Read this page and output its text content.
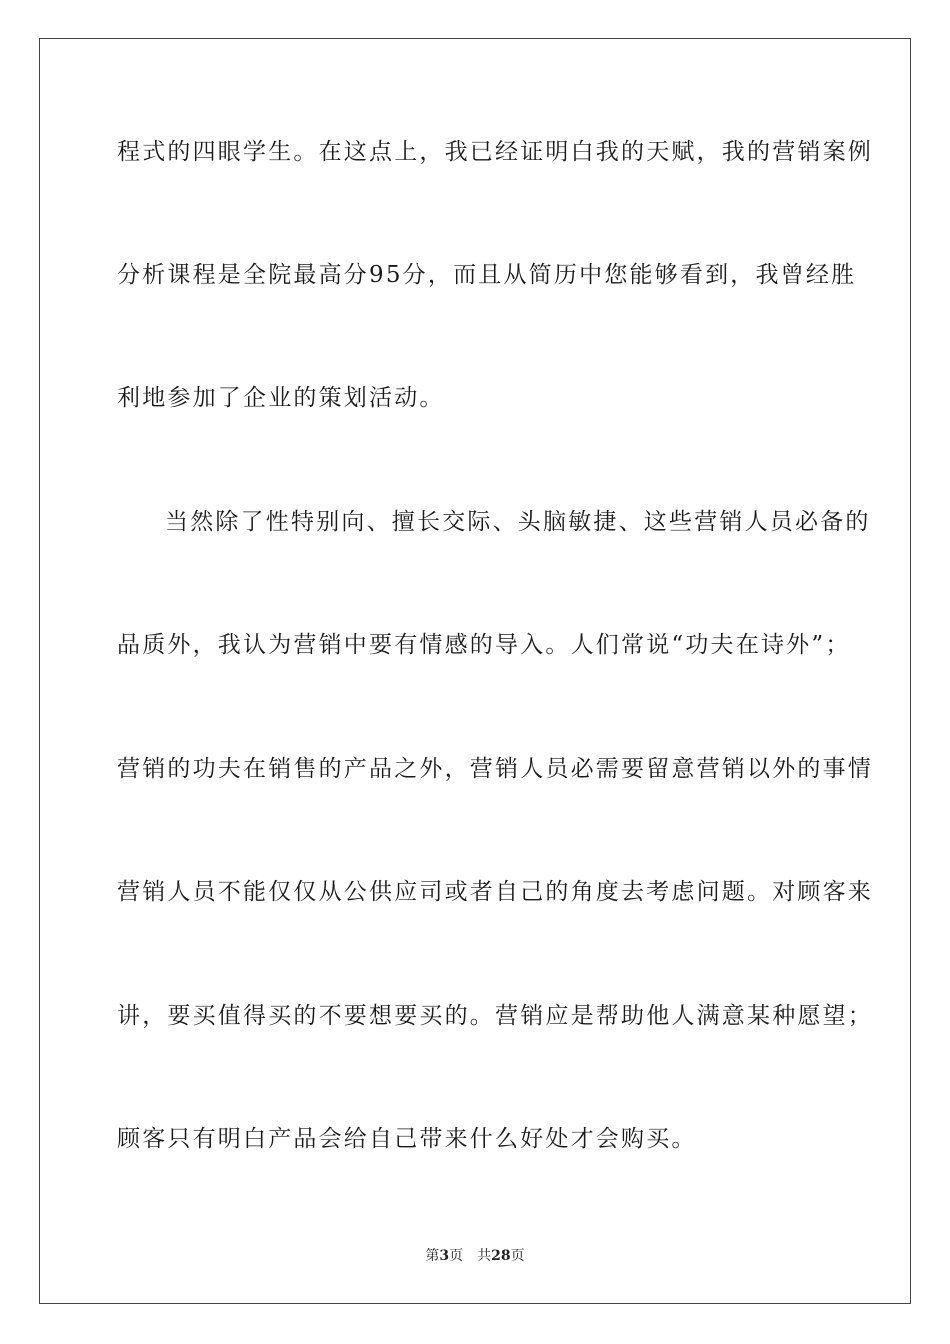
程式的四眼学生。在这点上，我已经证明白我的天赋，我的营销案例
分析课程是全院最高分95分，而且从简历中您能够看到，我曾经胜
利地参加了企业的策划活动。
当然除了性特别向、擅长交际、头脑敏捷、这些营销人员必备的
品质外，我认为营销中要有情感的导入。人们常说“功夫在诗外”；
营销的功夫在销售的产品之外，营销人员必需要留意营销以外的事情
营销人员不能仅仅从公供应司或者自己的角度去考虑问题。对顾客来
讲，要买值得买的不要想要买的。营销应是帮助他人满意某种愿望；
顾客只有明白产品会给自己带来什么好处才会购买。
第3页 共28页
